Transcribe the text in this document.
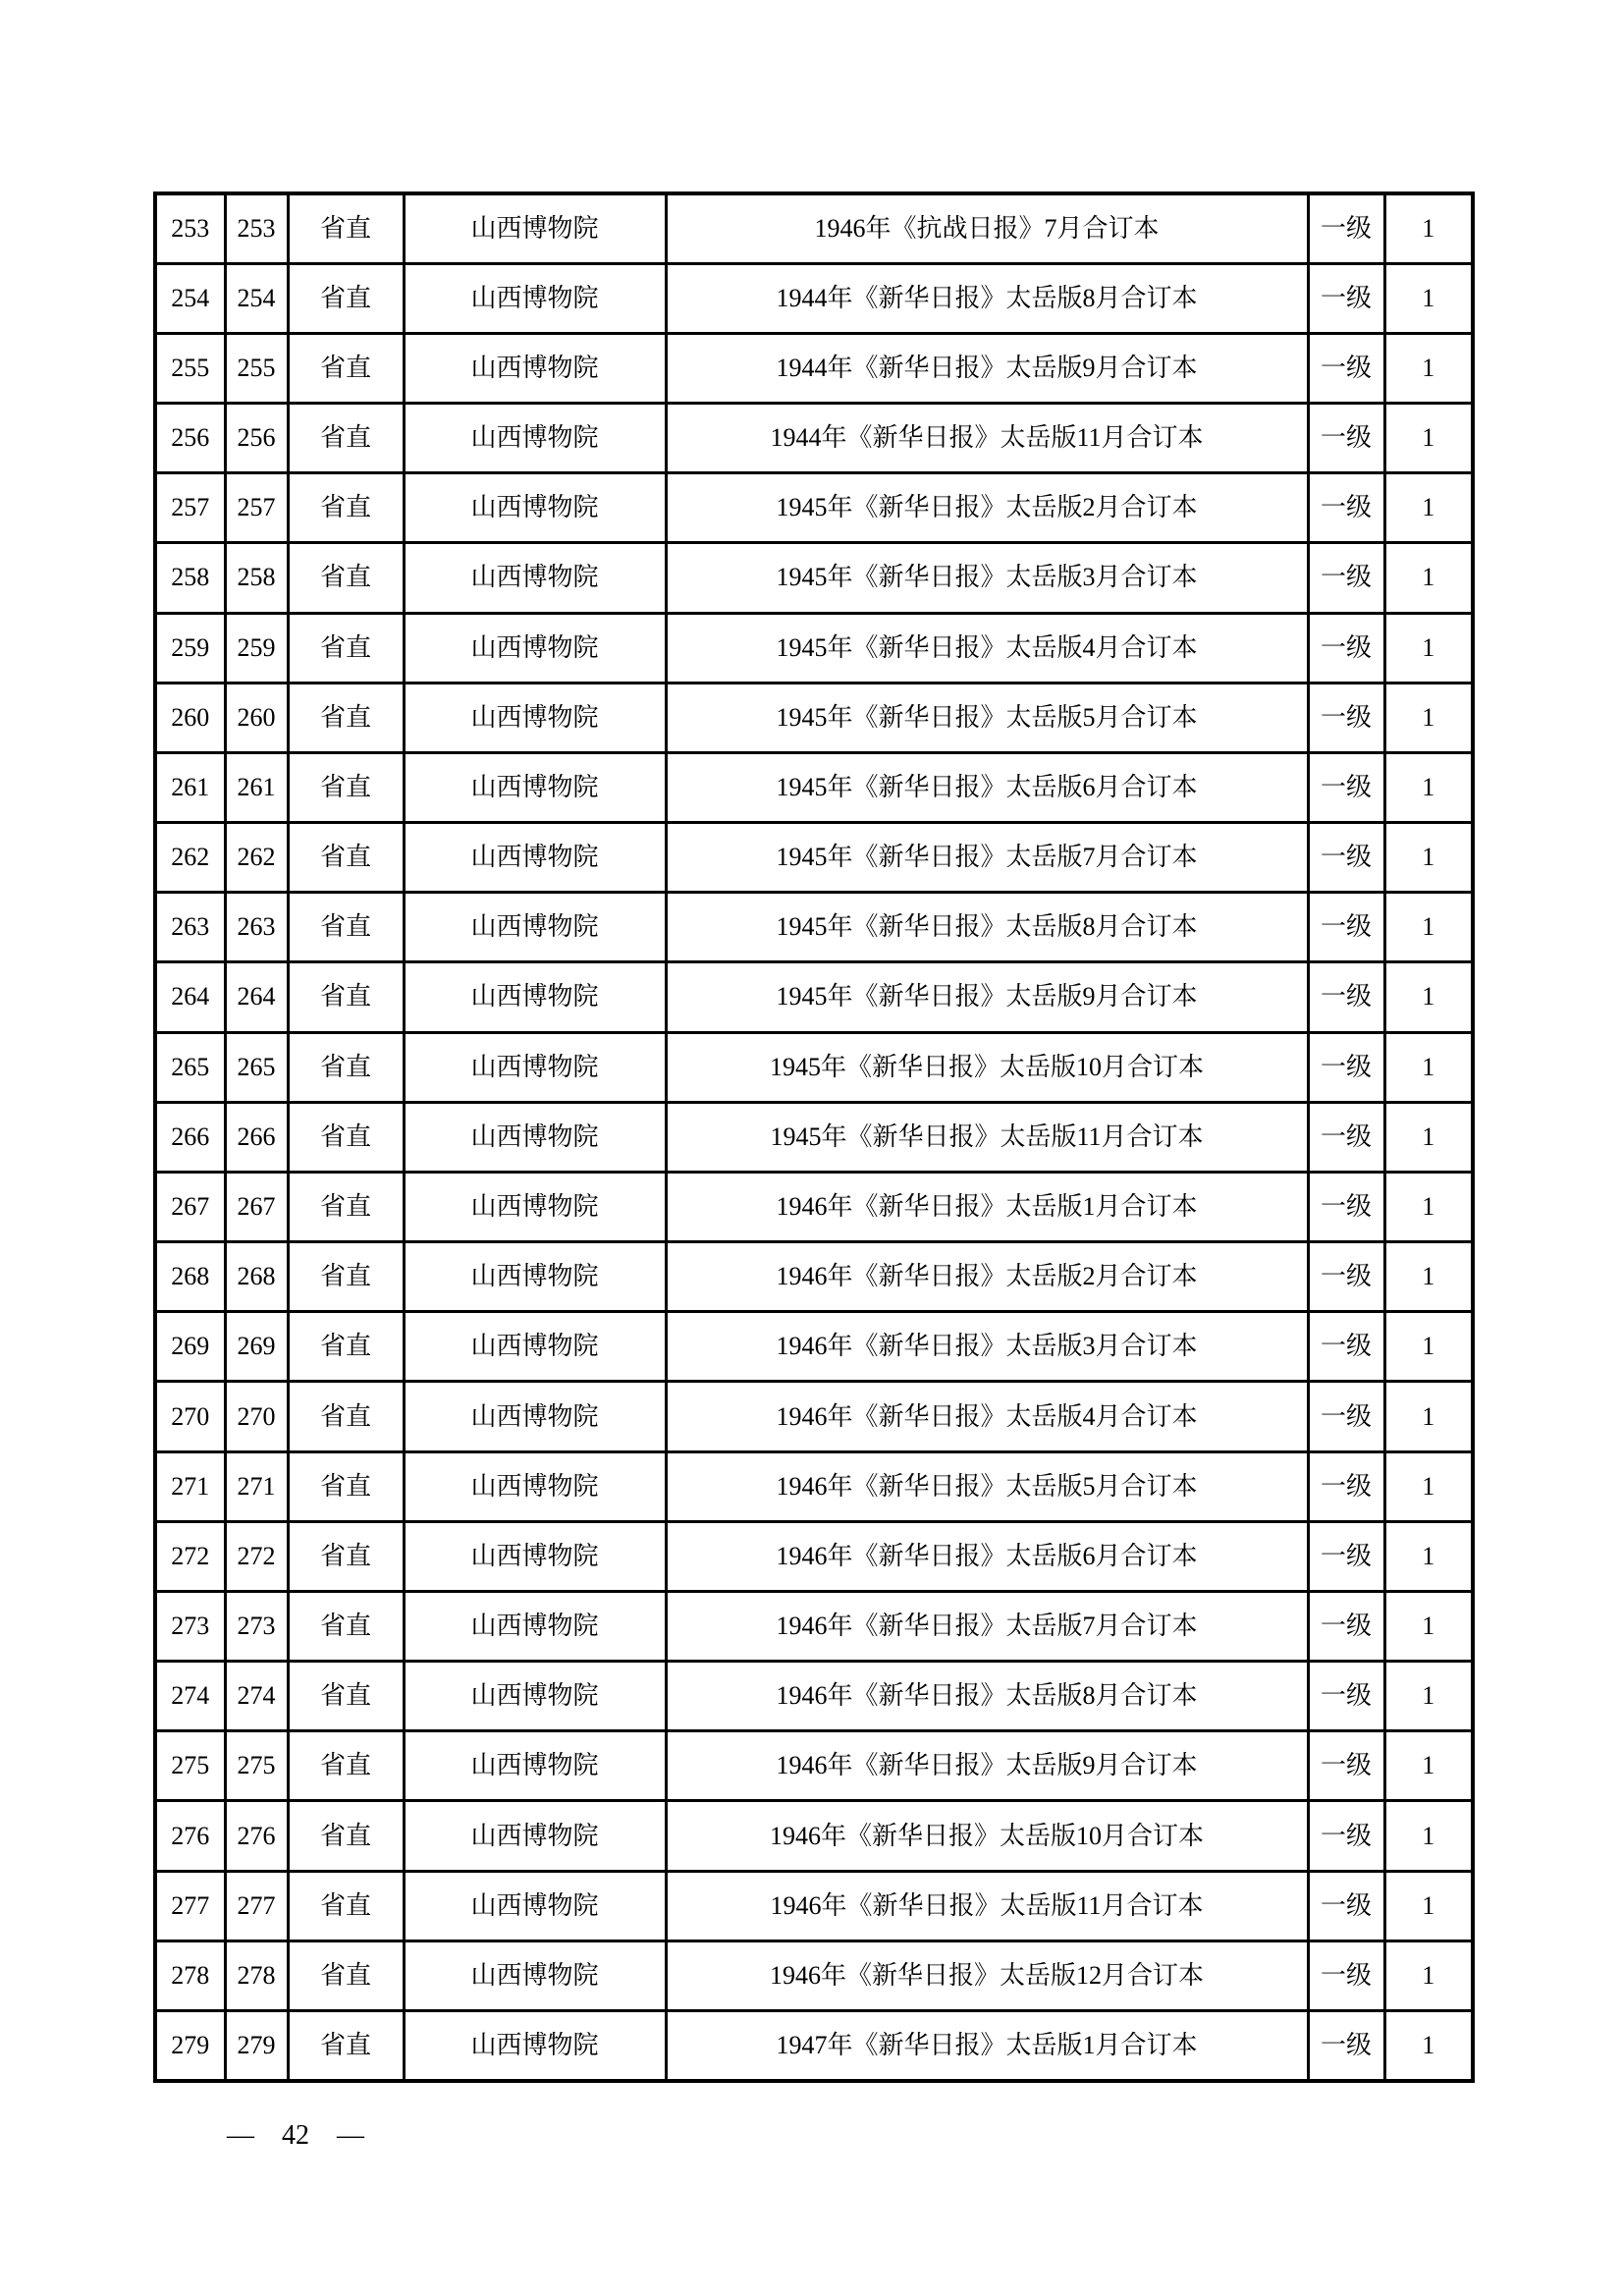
253	253	省直	山西博物院	1946年《抗战日报》7月合订本	一级	1
254	254	省直	山西博物院	1944年《新华日报》太岳版8月合订本	一级	1
255	255	省直	山西博物院	1944年《新华日报》太岳版9月合订本	一级	1
256	256	省直	山西博物院	1944年《新华日报》太岳版11月合订本	一级	1
257	257	省直	山西博物院	1945年《新华日报》太岳版2月合订本	一级	1
258	258	省直	山西博物院	1945年《新华日报》太岳版3月合订本	一级	1
259	259	省直	山西博物院	1945年《新华日报》太岳版4月合订本	一级	1
260	260	省直	山西博物院	1945年《新华日报》太岳版5月合订本	一级	1
261	261	省直	山西博物院	1945年《新华日报》太岳版6月合订本	一级	1
262	262	省直	山西博物院	1945年《新华日报》太岳版7月合订本	一级	1
263	263	省直	山西博物院	1945年《新华日报》太岳版8月合订本	一级	1
264	264	省直	山西博物院	1945年《新华日报》太岳版9月合订本	一级	1
265	265	省直	山西博物院	1945年《新华日报》太岳版10月合订本	一级	1
266	266	省直	山西博物院	1945年《新华日报》太岳版11月合订本	一级	1
267	267	省直	山西博物院	1946年《新华日报》太岳版1月合订本	一级	1
268	268	省直	山西博物院	1946年《新华日报》太岳版2月合订本	一级	1
269	269	省直	山西博物院	1946年《新华日报》太岳版3月合订本	一级	1
270	270	省直	山西博物院	1946年《新华日报》太岳版4月合订本	一级	1
271	271	省直	山西博物院	1946年《新华日报》太岳版5月合订本	一级	1
272	272	省直	山西博物院	1946年《新华日报》太岳版6月合订本	一级	1
273	273	省直	山西博物院	1946年《新华日报》太岳版7月合订本	一级	1
274	274	省直	山西博物院	1946年《新华日报》太岳版8月合订本	一级	1
275	275	省直	山西博物院	1946年《新华日报》太岳版9月合订本	一级	1
276	276	省直	山西博物院	1946年《新华日报》太岳版10月合订本	一级	1
277	277	省直	山西博物院	1946年《新华日报》太岳版11月合订本	一级	1
278	278	省直	山西博物院	1946年《新华日报》太岳版12月合订本	一级	1
279	279	省直	山西博物院	1947年《新华日报》太岳版1月合订本	一级	1
—　42　—
